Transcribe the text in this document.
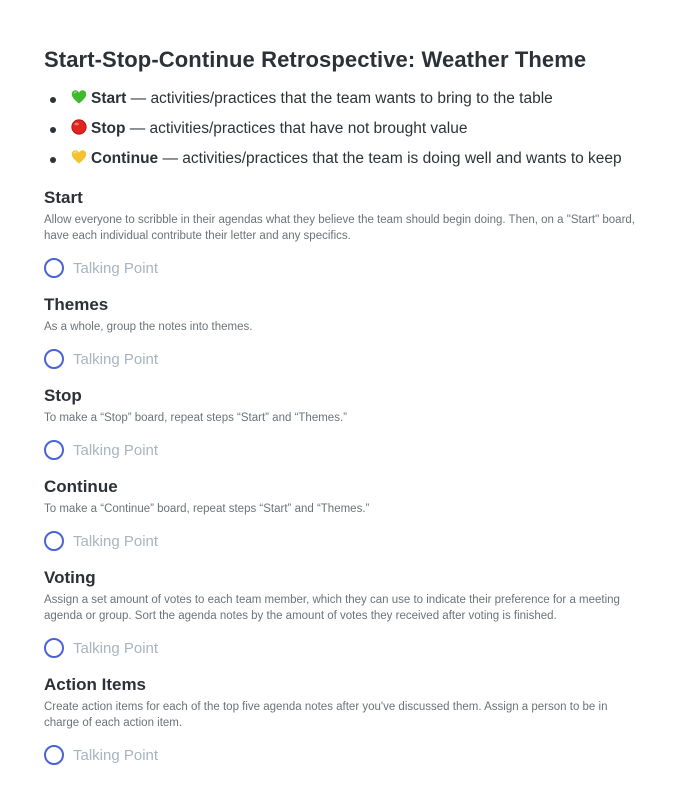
Start-Stop-Continue Retrospective: Weather Theme
Start — activities/practices that the team wants to bring to the table
Stop — activities/practices that have not brought value
Continue — activities/practices that the team is doing well and wants to keep
Start

Allow everyone to scribble in their agendas what they believe the team should begin doing. Then, on a "Start" board, have each individual contribute their letter and any specifics.

Talking Point
Themes

As a whole, group the notes into themes.

Talking Point
Stop

To make a “Stop” board, repeat steps “Start” and “Themes.”

Talking Point
Continue

To make a “Continue” board, repeat steps “Start” and “Themes.”

Talking Point
Voting

Assign a set amount of votes to each team member, which they can use to indicate their preference for a meeting agenda or group. Sort the agenda notes by the amount of votes they received after voting is finished.

Talking Point
Action Items

Create action items for each of the top five agenda notes after you've discussed them. Assign a person to be in charge of each action item.

Talking Point
